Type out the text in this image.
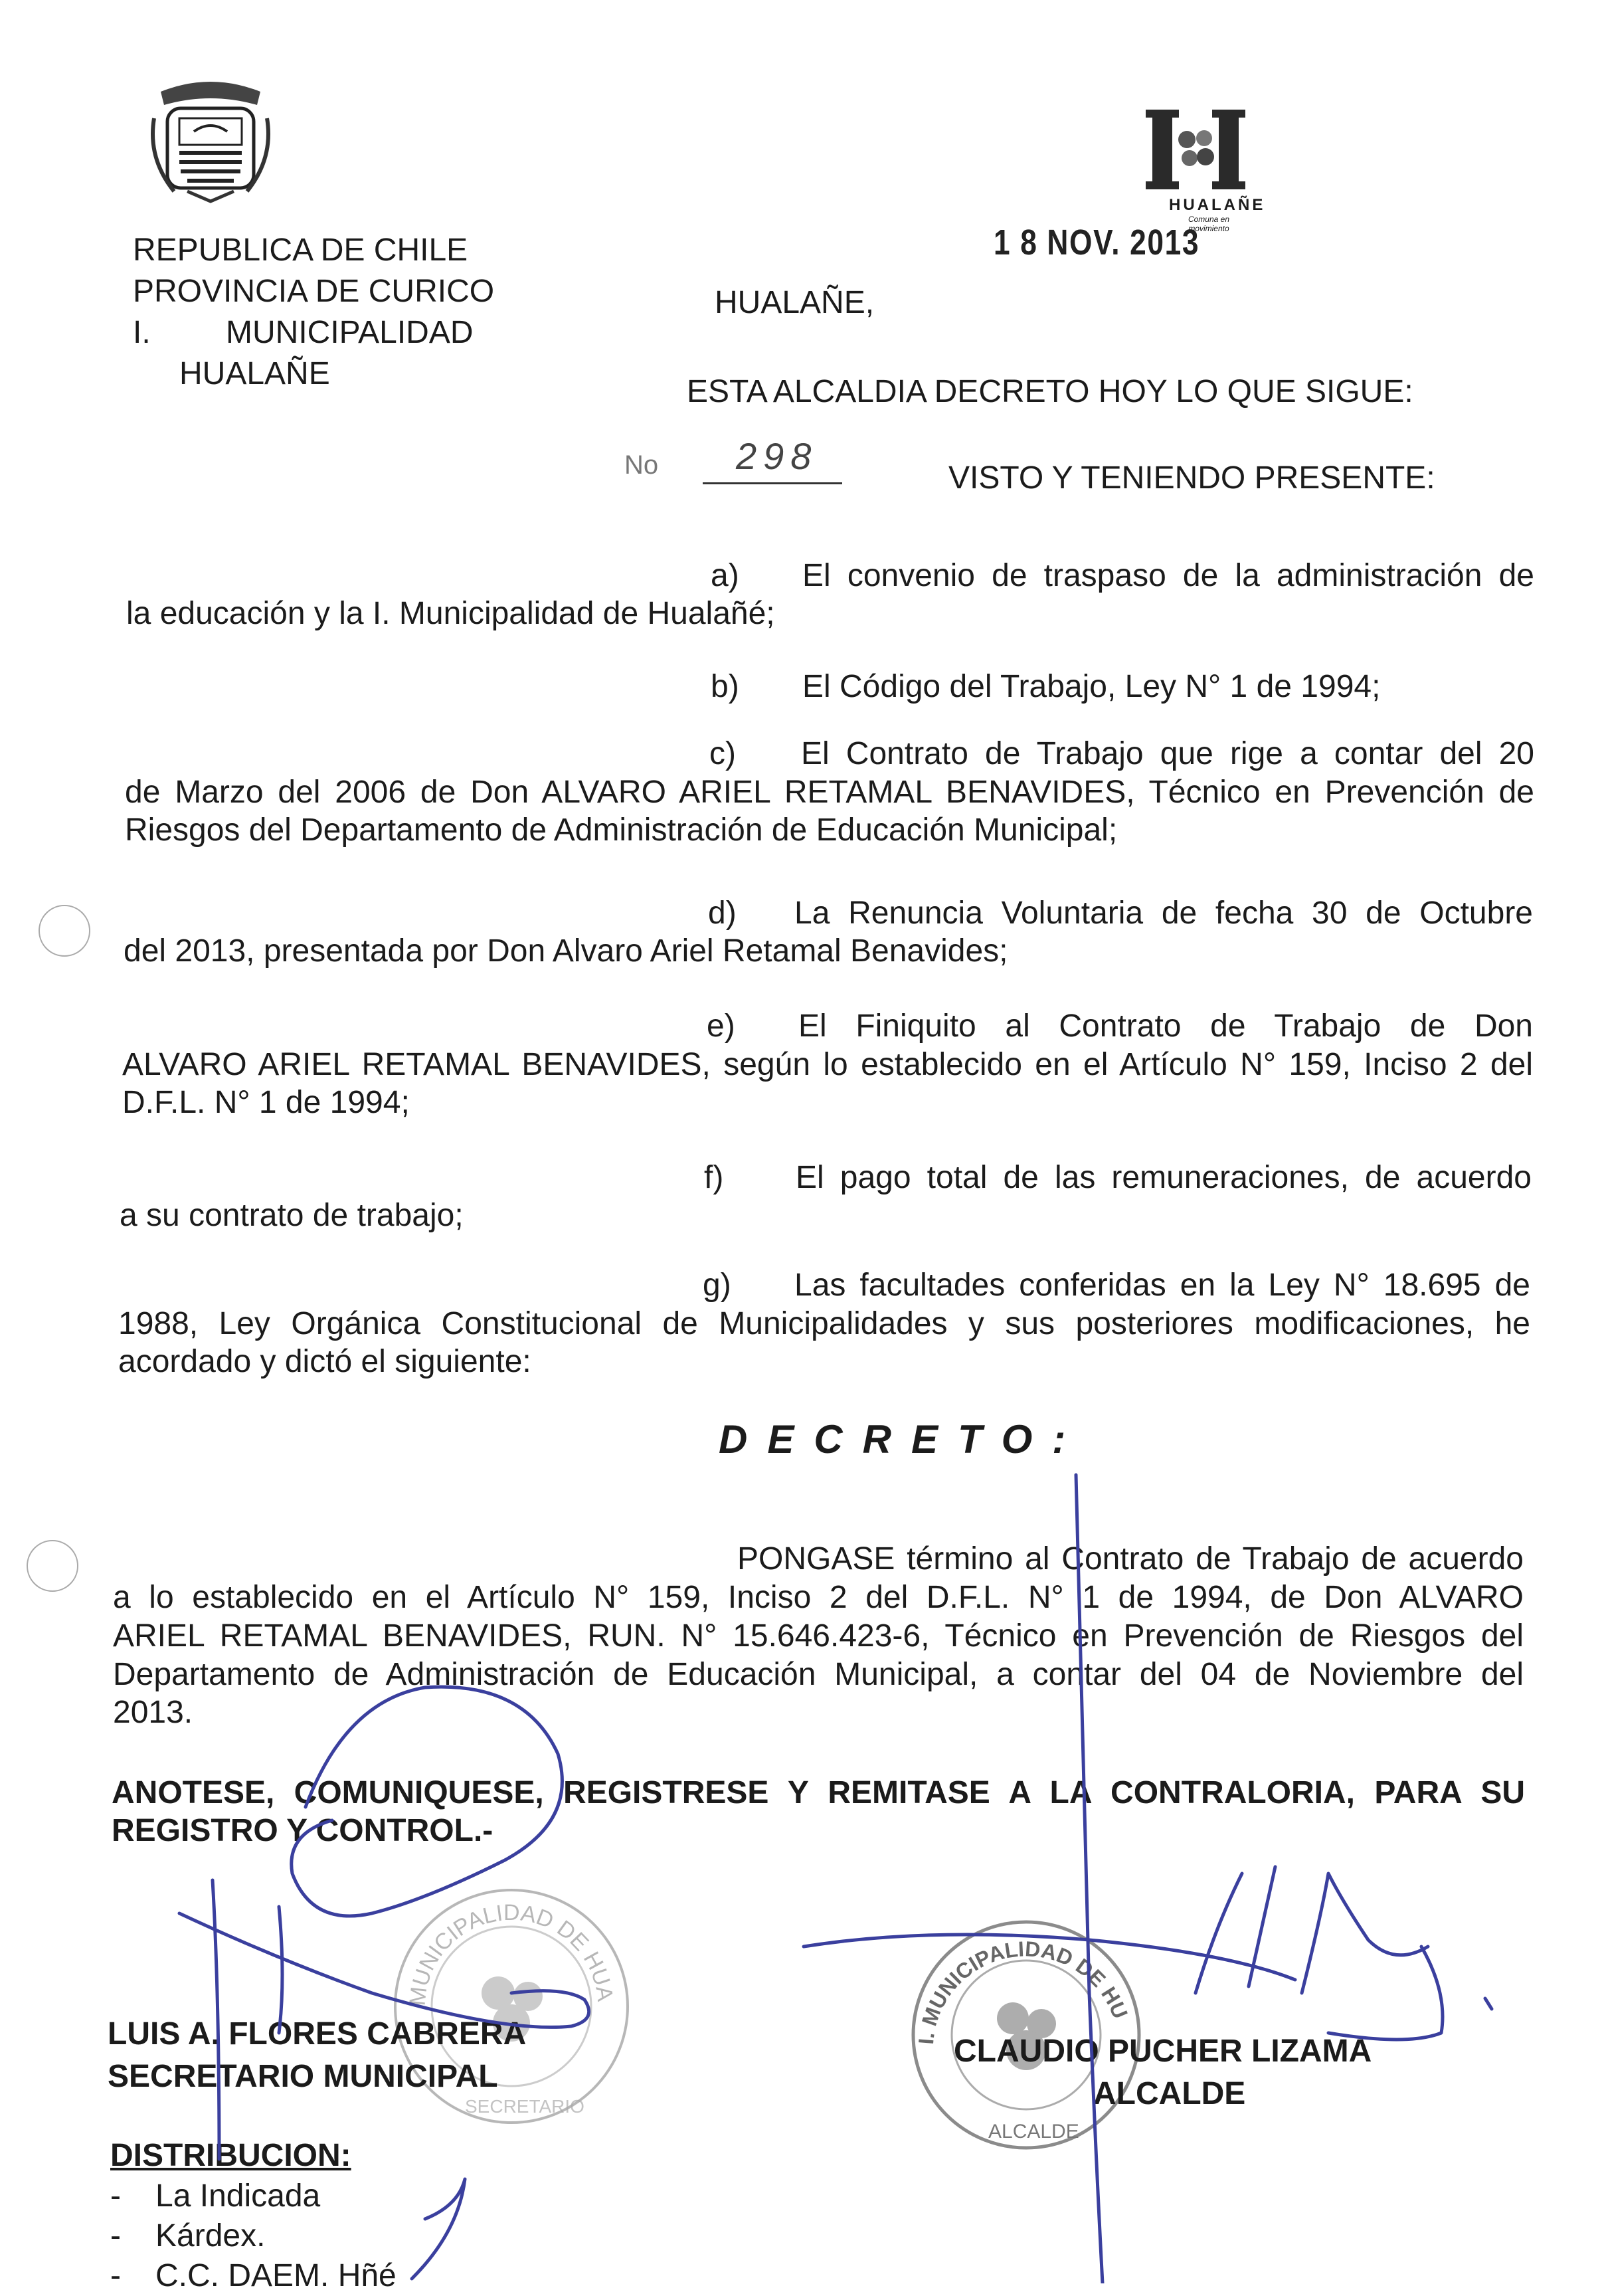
HUALAÑE
Comuna en movimiento
REPUBLICA DE CHILE
PROVINCIA DE CURICO
I. MUNICIPALIDAD
HUALAÑE
1 8 NOV. 2013
HUALAÑE,
ESTA ALCALDIA DECRETO HOY LO QUE SIGUE:
No 298
VISTO Y TENIENDO PRESENTE:
a) El convenio de traspaso de la administración de
la educación y la I. Municipalidad de Hualañé;
b) El Código del Trabajo, Ley N° 1 de 1994;
c) El Contrato de Trabajo que rige a contar del 20
de Marzo del 2006 de Don ALVARO ARIEL RETAMAL BENAVIDES, Técnico en Prevención de
Riesgos del Departamento de Administración de Educación Municipal;
d) La Renuncia Voluntaria de fecha 30 de Octubre
del 2013, presentada por Don Alvaro Ariel Retamal Benavides;
e) El Finiquito al Contrato de Trabajo de Don
ALVARO ARIEL RETAMAL BENAVIDES, según lo establecido en el Artículo N° 159, Inciso 2 del
D.F.L. N° 1 de 1994;
f) El pago total de las remuneraciones, de acuerdo
a su contrato de trabajo;
g) Las facultades conferidas en la Ley N° 18.695 de
1988, Ley Orgánica Constitucional de Municipalidades y sus posteriores modificaciones, he
acordado y dictó el siguiente:
DECRETO:
PONGASE término al Contrato de Trabajo de acuerdo
a lo establecido en el Artículo N° 159, Inciso 2 del D.F.L. N° 1 de 1994, de Don ALVARO
ARIEL RETAMAL BENAVIDES, RUN. N° 15.646.423-6, Técnico en Prevención de Riesgos del
Departamento de Administración de Educación Municipal, a contar del 04 de Noviembre del
2013.
ANOTESE, COMUNIQUESE, REGISTRESE Y REMITASE A LA CONTRALORIA, PARA SU
REGISTRO Y CONTROL.-
MUNICIPALIDAD DE HUA
SECRETARIO
I. MUNICIPALIDAD DE HU
ALCALDE
LUIS A. FLORES CABRERA
SECRETARIO MUNICIPAL
CLAUDIO PUCHER LIZAMA
ALCALDE
DISTRIBUCION:
- La Indicada
- Kárdex.
- C.C. DAEM. Hñé
